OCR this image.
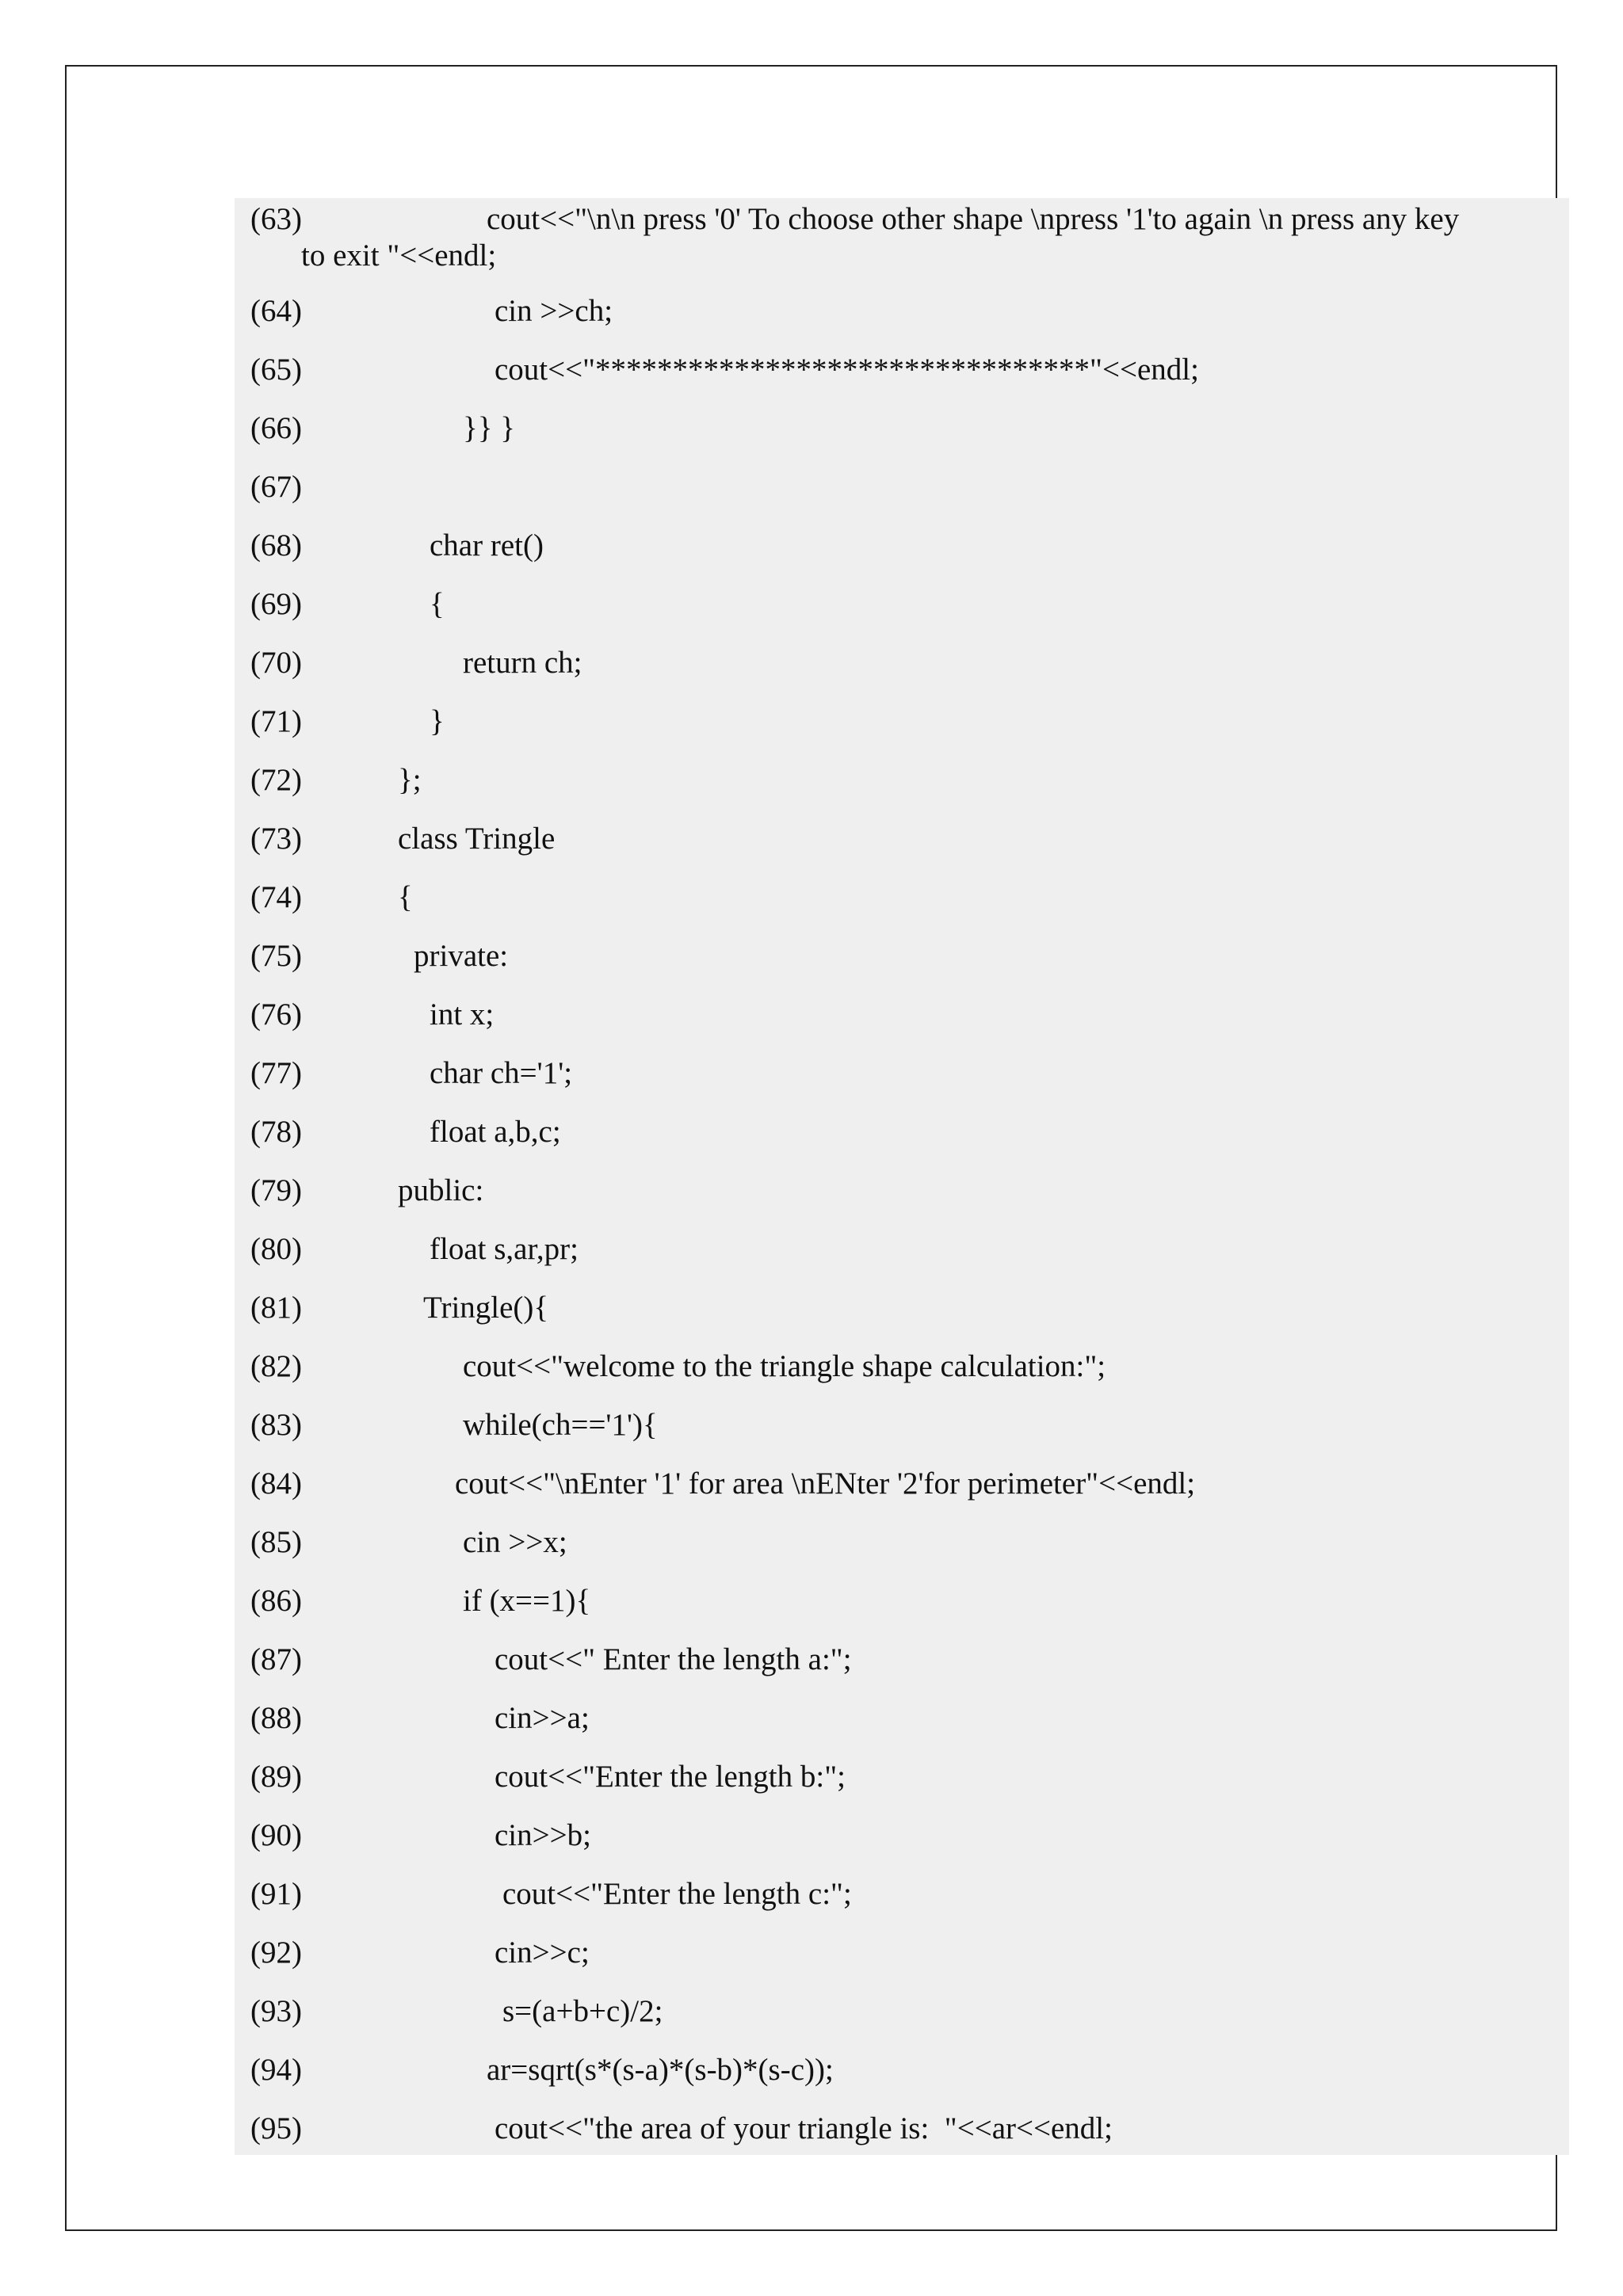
(63)

	cout<<"\n\n press '0' To choose other shape \npress '1'to again \n press any key

to exit "<<endl;

(64)

	cin >>ch;

(65)

	cout<<"********************************"<<endl;

(66)

	}} }

(67)

(68)

	char ret()

(69)

	{

(70)

	return ch;

(71)

	}

(72)

	};

(73)

	class Tringle

(74)

	{

(75)

	private:

(76)

	int x;

(77)

	char ch='1';

(78)

	float a,b,c;

(79)

	public:

(80)

	float s,ar,pr;

(81)

	Tringle(){

(82)

	cout<<"welcome to the triangle shape calculation:";

(83)

	while(ch=='1'){

(84)

	cout<<"\nEnter '1' for area \nENter '2'for perimeter"<<endl;

(85)

	cin >>x;

(86)

	if (x==1){

(87)

	cout<<" Enter the length a:";

(88)

	cin>>a;

(89)

	cout<<"Enter the length b:";

(90)

	cin>>b;

(91)

	cout<<"Enter the length c:";

(92)

	cin>>c;

(93)

	s=(a+b+c)/2;

(94)

	ar=sqrt(s*(s-a)*(s-b)*(s-c));

(95)

	cout<<"the area of your triangle is:  "<<ar<<endl;
